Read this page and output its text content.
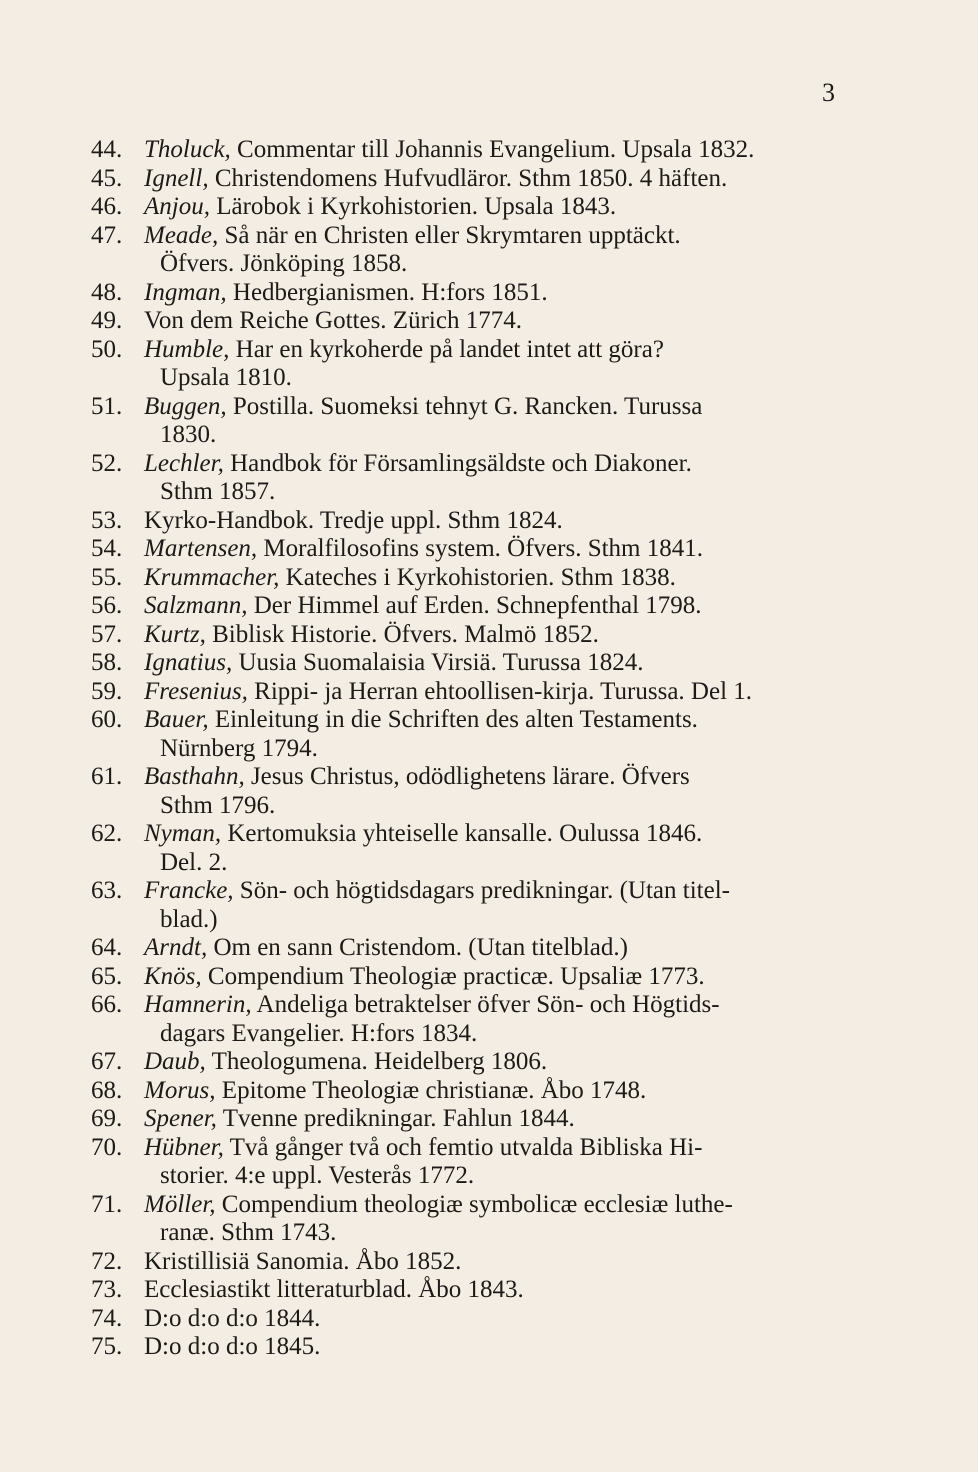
3
44. Tholuck, Commentar till Johannis Evangelium. Upsala 1832.
45. Ignell, Christendomens Hufvudläror. Sthm 1850. 4 häften.
46. Anjou, Lärobok i Kyrkohistorien. Upsala 1843.
47. Meade, Så när en Christen eller Skrymtaren upptäckt.
Öfvers. Jönköping 1858.
48. Ingman, Hedbergianismen. H:fors 1851.
49. Von dem Reiche Gottes. Zürich 1774.
50. Humble, Har en kyrkoherde på landet intet att göra?
Upsala 1810.
51. Buggen, Postilla. Suomeksi tehnyt G. Rancken. Turussa
1830.
52. Lechler, Handbok för Församlingsäldste och Diakoner.
Sthm 1857.
53. Kyrko-Handbok. Tredje uppl. Sthm 1824.
54. Martensen, Moralfilosofins system. Öfvers. Sthm 1841.
55. Krummacher, Kateches i Kyrkohistorien. Sthm 1838.
56. Salzmann, Der Himmel auf Erden. Schnepfenthal 1798.
57. Kurtz, Biblisk Historie. Öfvers. Malmö 1852.
58. Ignatius, Uusia Suomalaisia Virsiä. Turussa 1824.
59. Fresenius, Rippi- ja Herran ehtoollisen-kirja. Turussa. Del 1.
60. Bauer, Einleitung in die Schriften des alten Testaments.
Nürnberg 1794.
61. Basthahn, Jesus Christus, odödlighetens lärare. Öfvers
Sthm 1796.
62. Nyman, Kertomuksia yhteiselle kansalle. Oulussa 1846.
Del. 2.
63. Francke, Sön- och högtidsdagars predikningar. (Utan titel-
blad.)
64. Arndt, Om en sann Cristendom. (Utan titelblad.)
65. Knös, Compendium Theologiæ practicæ. Upsaliæ 1773.
66. Hamnerin, Andeliga betraktelser öfver Sön- och Högtids-
dagars Evangelier. H:fors 1834.
67. Daub, Theologumena. Heidelberg 1806.
68. Morus, Epitome Theologiæ christianæ. Åbo 1748.
69. Spener, Tvenne predikningar. Fahlun 1844.
70. Hübner, Två gånger två och femtio utvalda Bibliska Hi-
storier. 4:e uppl. Vesterås 1772.
71. Möller, Compendium theologiæ symbolicæ ecclesiæ luthe-
ranæ. Sthm 1743.
72. Kristillisiä Sanomia. Åbo 1852.
73. Ecclesiastikt litteraturblad. Åbo 1843.
74. D:o d:o d:o 1844.
75. D:o d:o d:o 1845.
